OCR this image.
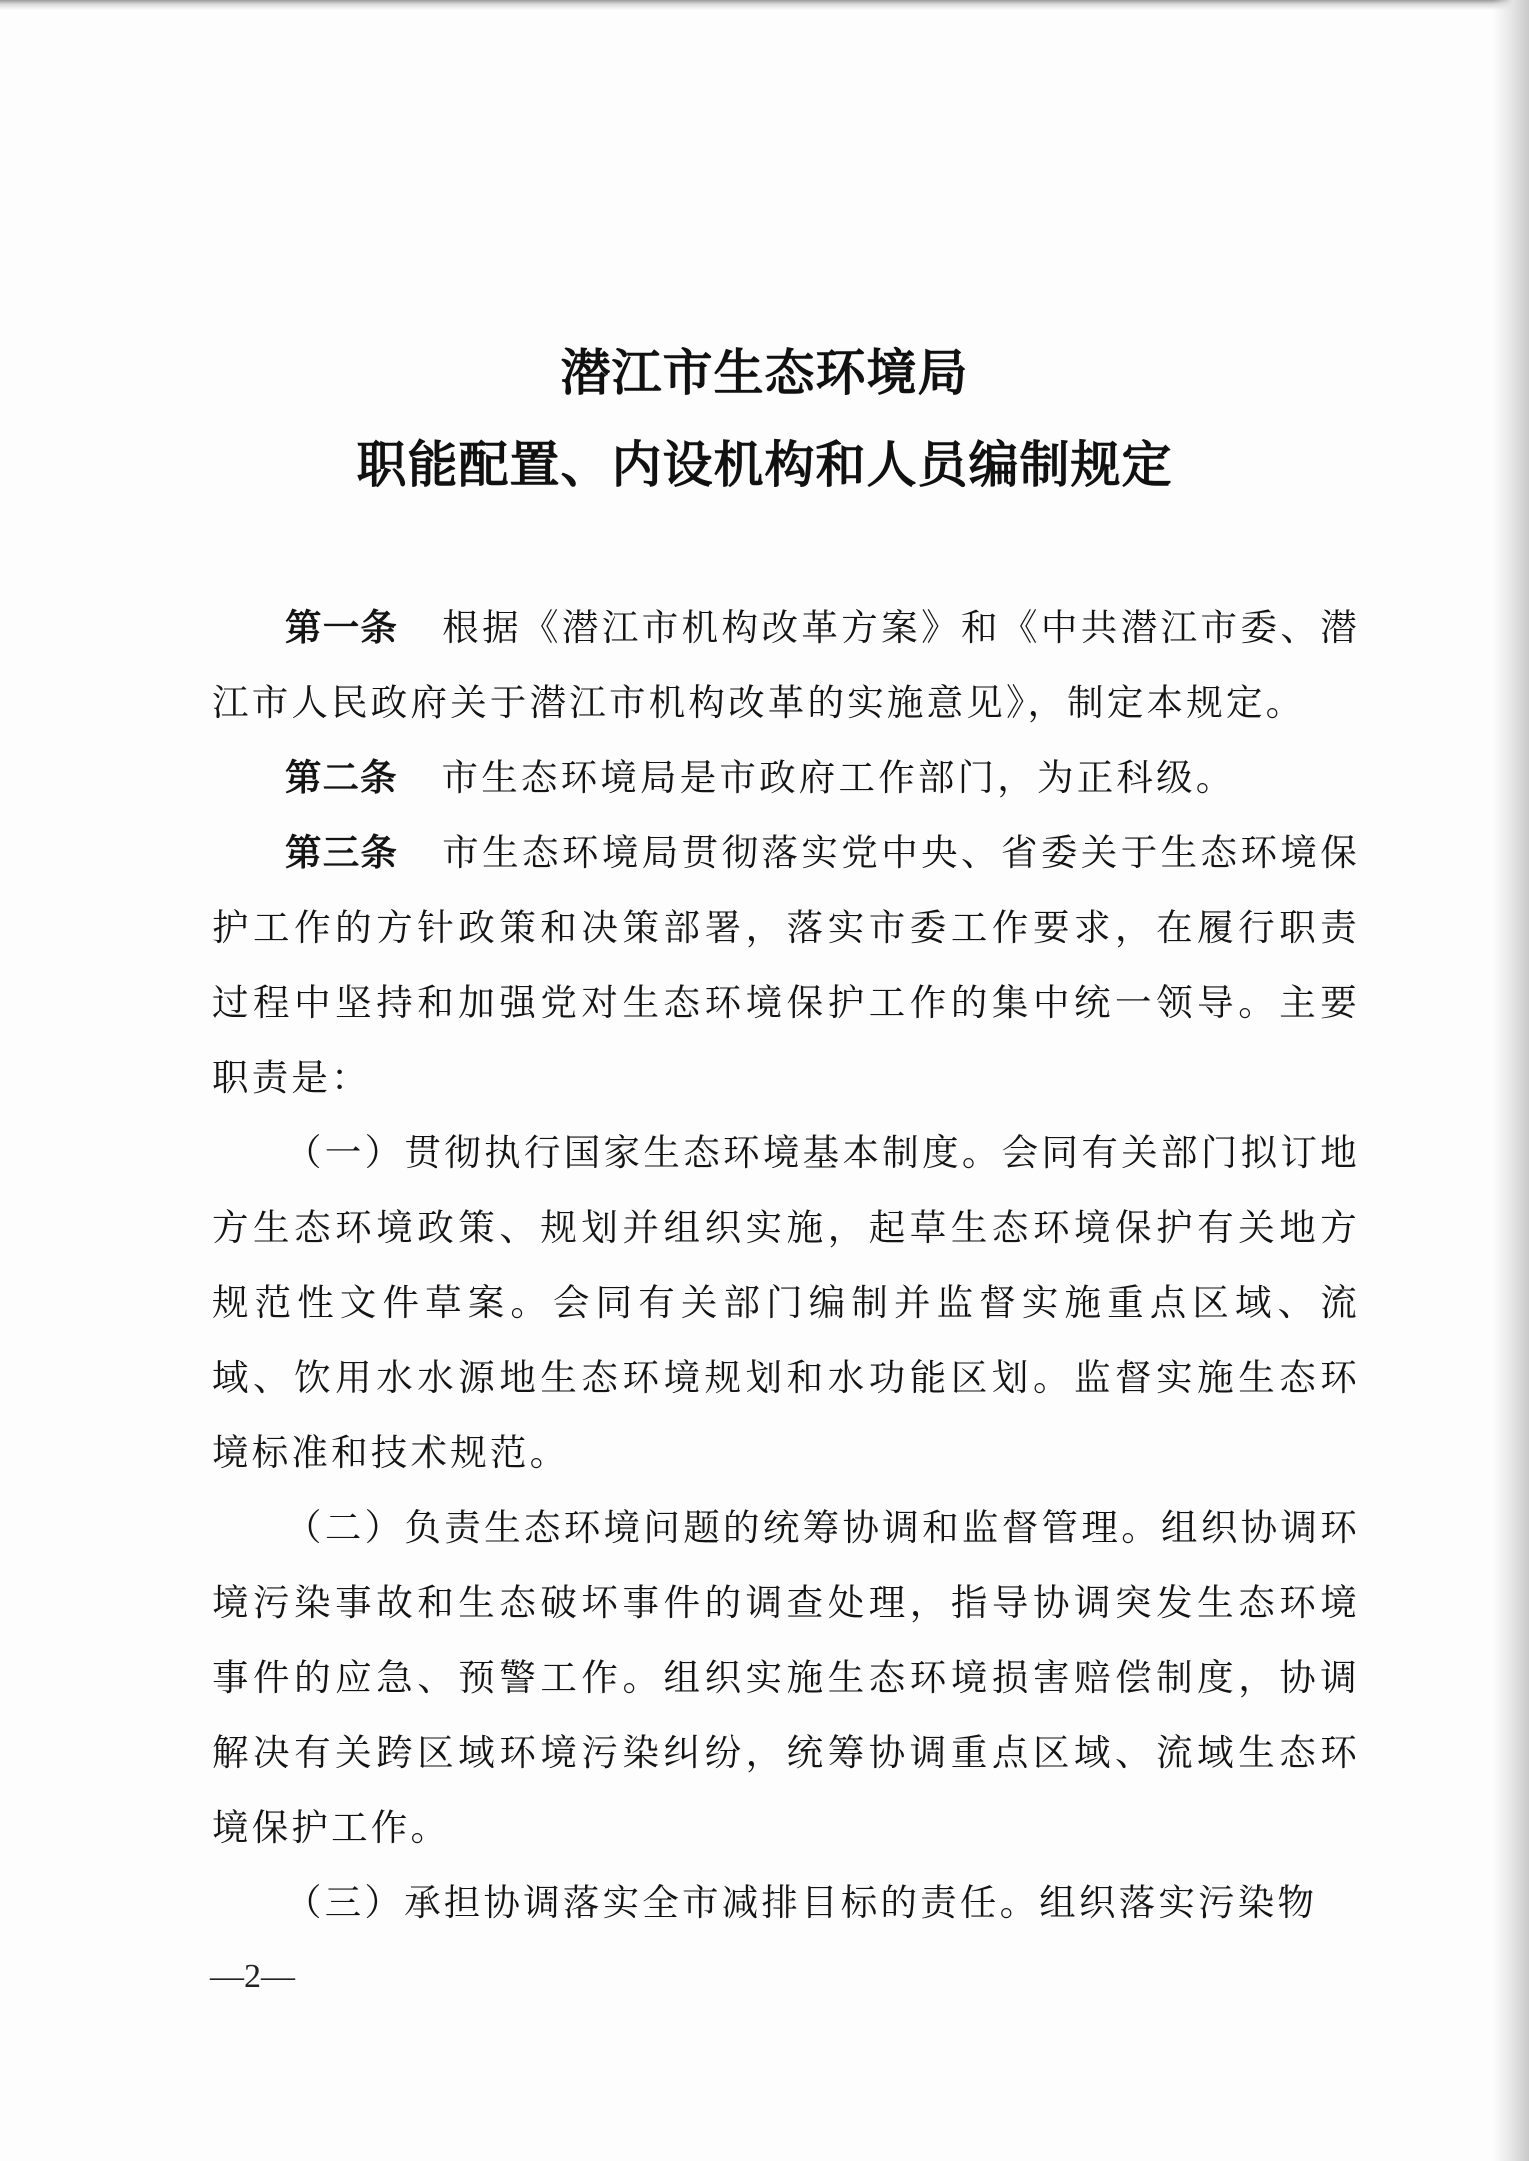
潜江市生态环境局
职能配置、内设机构和人员编制规定

第一条 根据《潜江市机构改革方案》和《中共潜江市委、潜江市人民政府关于潜江市机构改革的实施意见》，制定本规定。

第二条 市生态环境局是市政府工作部门，为正科级。

第三条 市生态环境局贯彻落实党中央、省委关于生态环境保护工作的方针政策和决策部署，落实市委工作要求，在履行职责过程中坚持和加强党对生态环境保护工作的集中统一领导。主要职责是：

（一）贯彻执行国家生态环境基本制度。会同有关部门拟订地方生态环境政策、规划并组织实施，起草生态环境保护有关地方规范性文件草案。会同有关部门编制并监督实施重点区域、流域、饮用水水源地生态环境规划和水功能区划。监督实施生态环境标准和技术规范。

（二）负责生态环境问题的统筹协调和监督管理。组织协调环境污染事故和生态破坏事件的调查处理，指导协调突发生态环境事件的应急、预警工作。组织实施生态环境损害赔偿制度，协调解决有关跨区域环境污染纠纷，统筹协调重点区域、流域生态环境保护工作。

（三）承担协调落实全市减排目标的责任。组织落实污染物

—2—
